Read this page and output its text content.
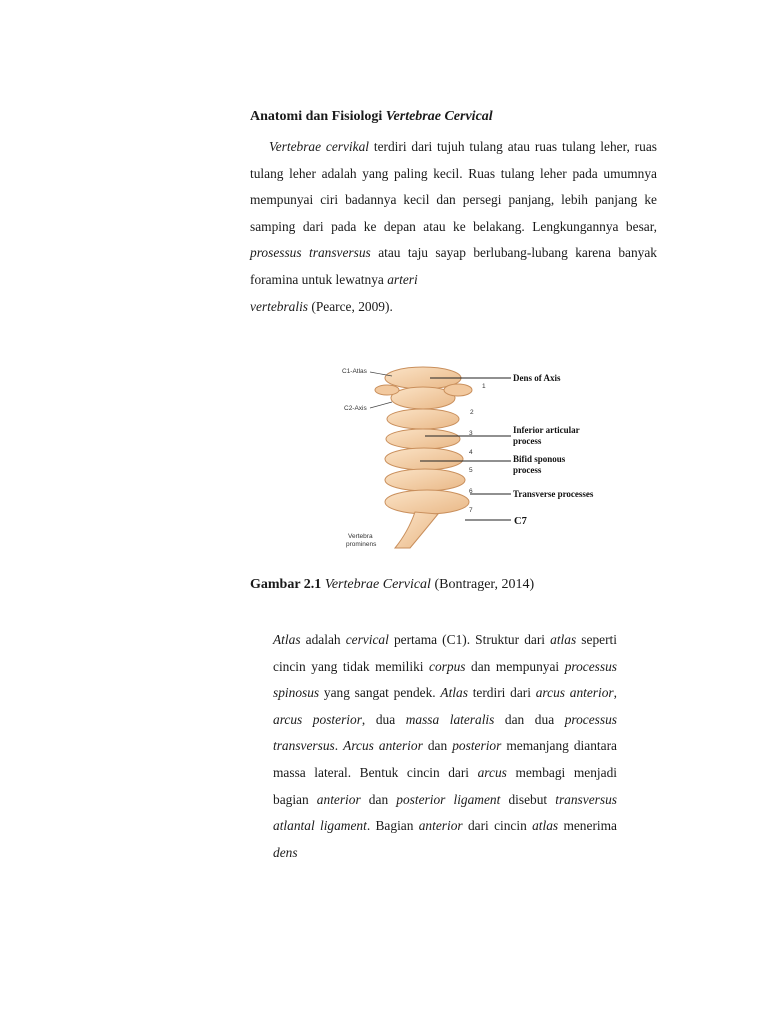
Anatomi dan Fisiologi Vertebrae Cervical
Vertebrae cervikal terdiri dari tujuh tulang atau ruas tulang leher, ruas tulang leher adalah yang paling kecil. Ruas tulang leher pada umumnya mempunyai ciri badannya kecil dan persegi panjang, lebih panjang ke samping dari pada ke depan atau ke belakang. Lengkungannya besar, prosessus transversus atau taju sayap berlubang-lubang karena banyak foramina untuk lewatnya arteri
vertebralis (Pearce, 2009).
C1-Atlas
C2-Axis
Vertebra
prominens
1
2
3
4
5
6
7
Dens of Axis
Inferior articular
process
Bifid sponous
process
Transverse processes
C7
Gambar 2.1 Vertebrae Cervical (Bontrager, 2014)
Atlas adalah cervical pertama (C1). Struktur dari atlas seperti cincin yang tidak memiliki corpus dan mempunyai processus spinosus yang sangat pendek. Atlas terdiri dari arcus anterior, arcus posterior, dua massa lateralis dan dua processus transversus. Arcus anterior dan posterior memanjang diantara massa lateral. Bentuk cincin dari arcus membagi menjadi bagian anterior dan posterior ligament disebut transversus atlantal ligament. Bagian anterior dari cincin atlas menerima dens
